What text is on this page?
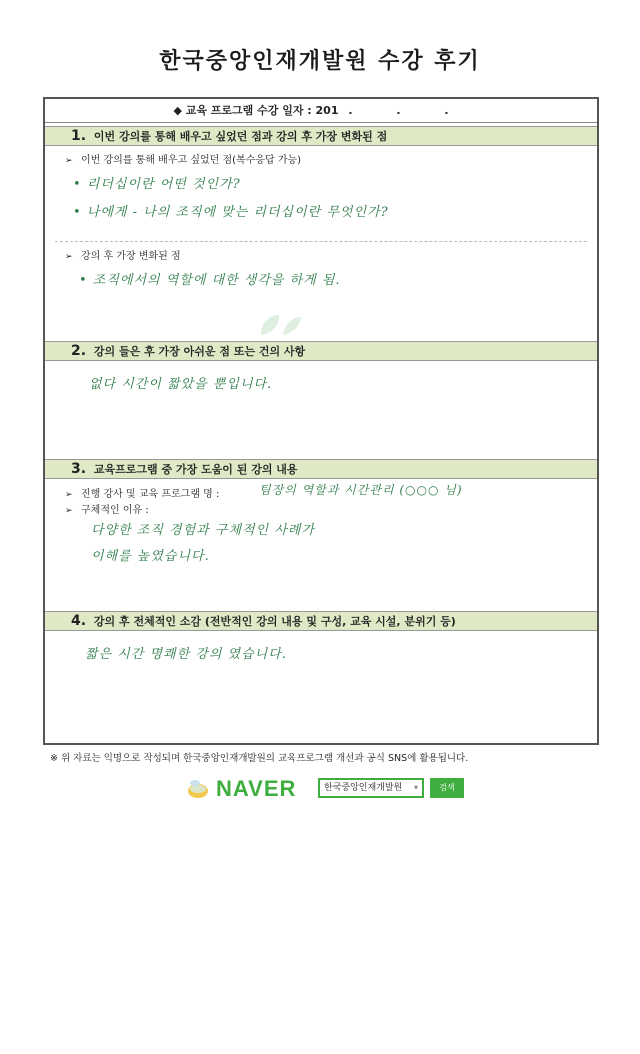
한국중앙인재개발원 수강 후기
◆ 교육 프로그램 수강 일자 : 201 . . .
1. 이번 강의를 통해 배우고 싶었던 점과 강의 후 가장 변화된 점
➢ 이번 강의를 통해 배우고 싶었던 점(복수응답 가능)
• 리더십이란 어떤 것인가?
• 나에게 - 나의 조직에 맞는 리더십이란 무엇인가?
➢ 강의 후 가장 변화된 점
• 조직에서의 역할에 대한 생각을 하게 됨.
2. 강의 들은 후 가장 아쉬운 점 또는 건의 사항
없다 시간이 짧았을 뿐입니다.
3. 교육프로그램 중 가장 도움이 된 강의 내용
➢ 진행 강사 및 교육 프로그램 명 :	팀장의 역할과 시간관리 (○○○ 님)
➢ 구체적인 이유 :
다양한 조직 경험과 구체적인 사례가
이해를 높였습니다.
4. 강의 후 전체적인 소감 (전반적인 강의 내용 및 구성, 교육 시설, 분위기 등)
짧은 시간 명쾌한 강의 였습니다.
※ 위 자료는 익명으로 작성되며 한국중앙인재개발원의 교육프로그램 개선과 공식 SNS에 활용됩니다.
NAVER	한국중앙인재개발원 ▾	검색
